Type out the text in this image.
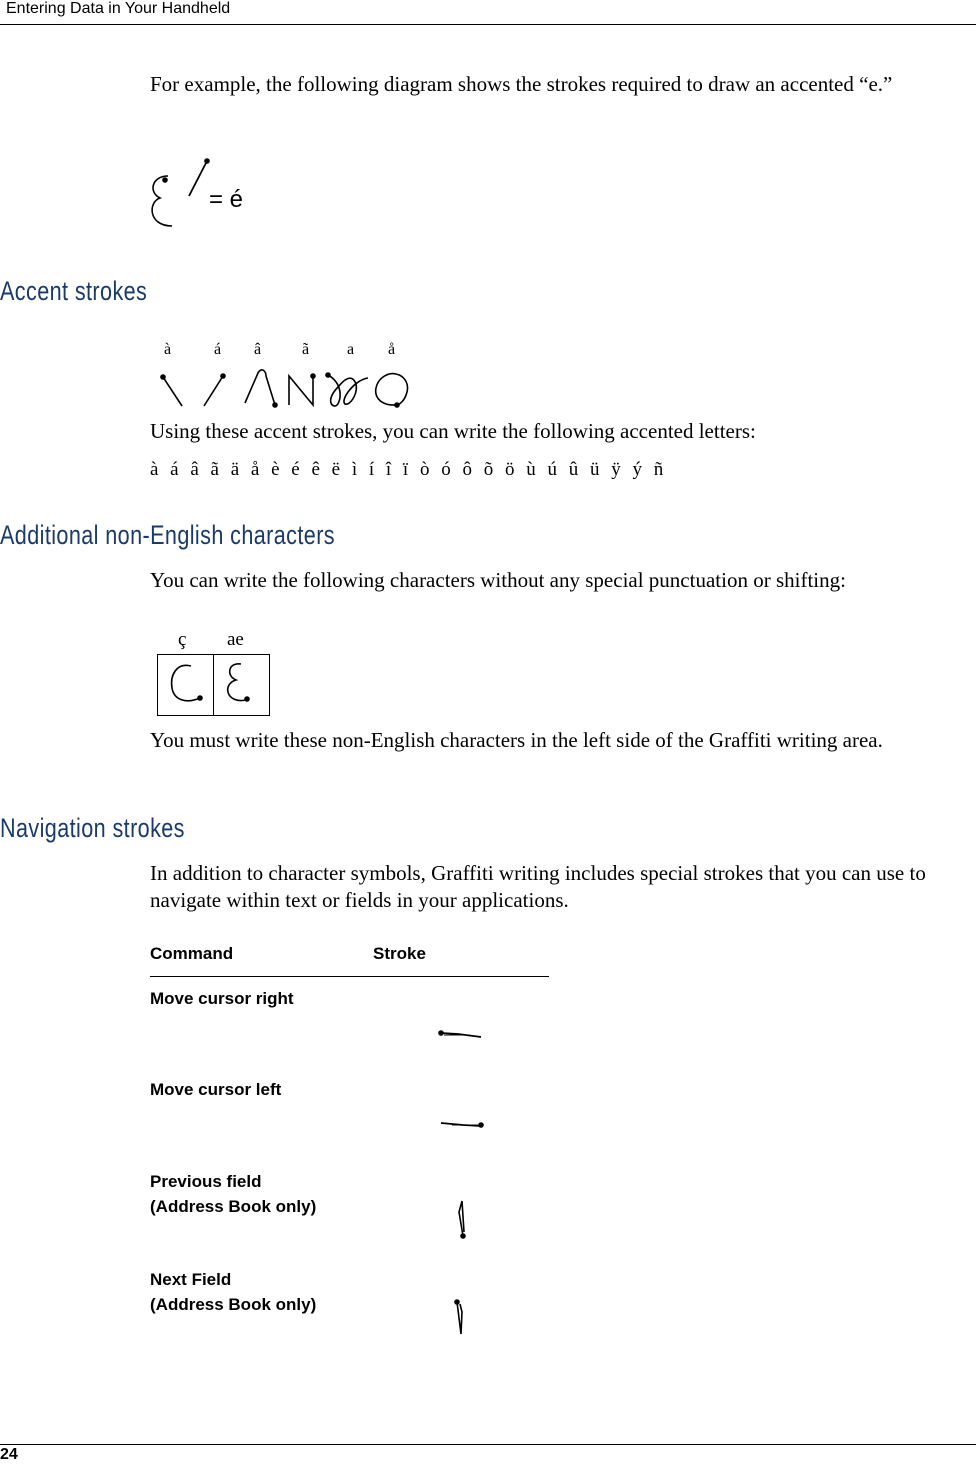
Entering Data in Your Handheld
For example, the following diagram shows the strokes required to draw an accented “e.”
= é
Accent strokes
à	á â	ã a å
Using these accent strokes, you can write the following accented letters:
à á â ã ä å è é ê ë ì í î ï ò ó ô õ ö ù ú û ü ÿ ý ñ
Additional non-English characters
You can write the following characters without any special punctuation or shifting:
ç ae
You must write these non-English characters in the left side of the Graffiti writing area.
Navigation strokes
In addition to character symbols, Graffiti writing includes special strokes that you can use to navigate within text or fields in your applications.
Command	Stroke
Move cursor right
Move cursor left
Previous field
(Address Book only)
Next Field
(Address Book only)
24
